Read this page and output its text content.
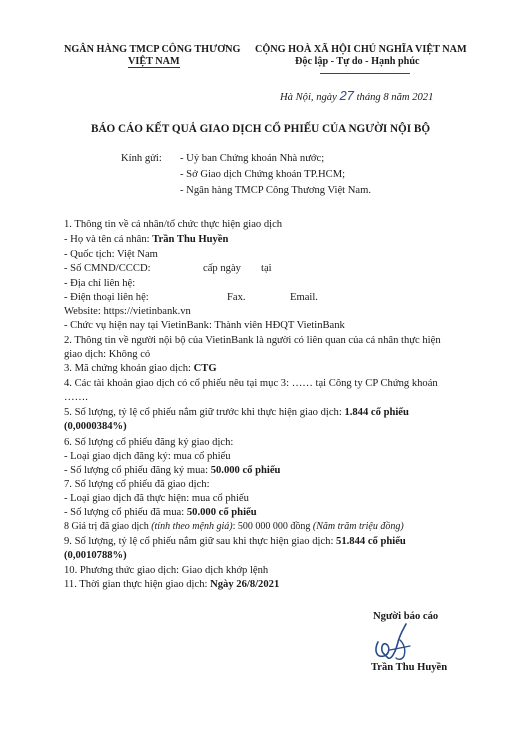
NGÂN HÀNG TMCP CÔNG THƯƠNG
VIỆT NAM
CỘNG HOÀ XÃ HỘI CHỦ NGHĨA VIỆT NAM
Độc lập - Tự do - Hạnh phúc
Hà Nội, ngày 27 tháng 8 năm 2021
BÁO CÁO KẾT QUẢ GIAO DỊCH CỔ PHIẾU CỦA NGƯỜI NỘI BỘ
Kính gửi: - Uỷ ban Chứng khoán Nhà nước;
- Sở Giao dịch Chứng khoán TP.HCM;
- Ngân hàng TMCP Công Thương Việt Nam.
1. Thông tin về cá nhân/tổ chức thực hiện giao dịch
- Họ và tên cá nhân: Trần Thu Huyền
- Quốc tịch: Việt Nam
- Số CMND/CCCD:	cấp ngày tại
- Địa chỉ liên hệ:
- Điện thoại liên hệ:	Fax.	Email.
Website: https://vietinbank.vn
- Chức vụ hiện nay tại VietinBank: Thành viên HĐQT VietinBank
2. Thông tin về người nội bộ của VietinBank là người có liên quan của cá nhân thực hiện
giao dịch: Không có
3. Mã chứng khoán giao dịch: CTG
4. Các tài khoản giao dịch có cổ phiếu nêu tại mục 3: …… tại Công ty CP Chứng khoán
…….
5. Số lượng, tỷ lệ cổ phiếu nắm giữ trước khi thực hiện giao dịch: 1.844 cổ phiếu
(0,0000384%)
6. Số lượng cổ phiếu đăng ký giao dịch:
- Loại giao dịch đăng ký: mua cổ phiếu
- Số lượng cổ phiếu đăng ký mua: 50.000 cổ phiếu
7. Số lượng cổ phiếu đã giao dịch:
- Loại giao dịch đã thực hiện: mua cổ phiếu
- Số lượng cổ phiếu đã mua: 50.000 cổ phiếu
8 Giá trị đã giao dịch (tính theo mệnh giá): 500 000 000 đồng (Năm trăm triệu đồng)
9. Số lượng, tỷ lệ cổ phiếu nắm giữ sau khi thực hiện giao dịch: 51.844 cổ phiếu
(0,0010788%)
10. Phương thức giao dịch: Giao dịch khớp lệnh
11. Thời gian thực hiện giao dịch: Ngày 26/8/2021
Người báo cáo
Trần Thu Huyền
